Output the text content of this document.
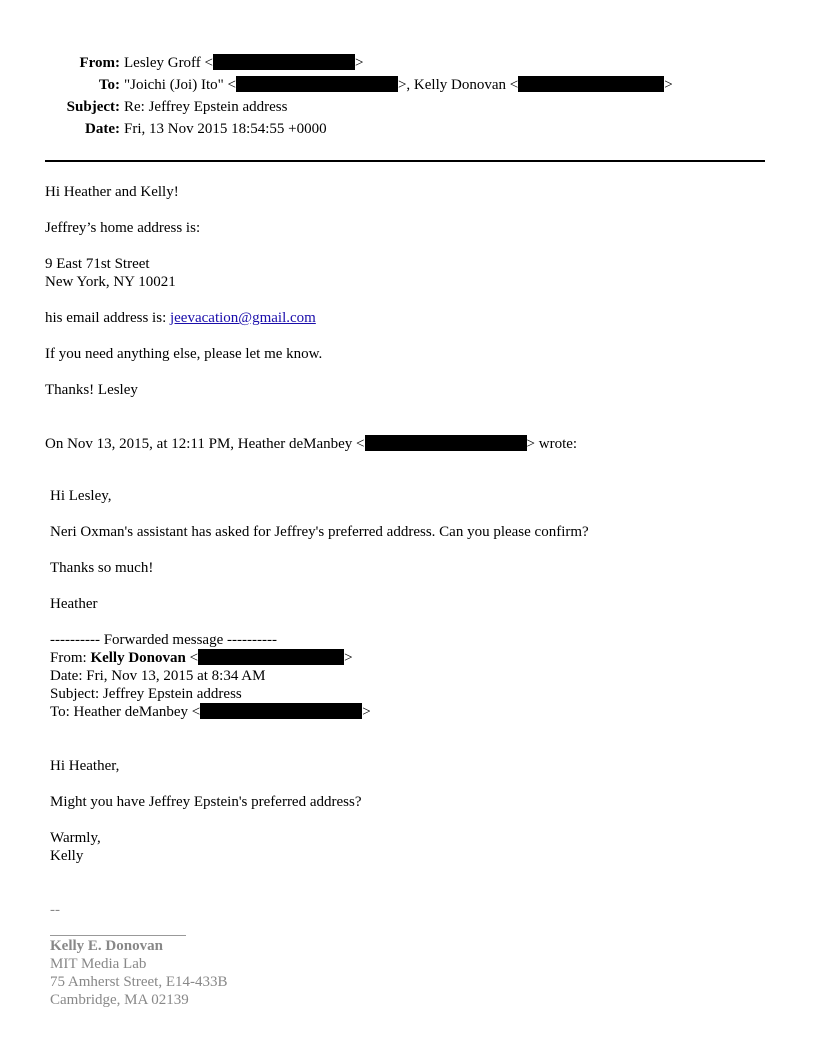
From: Lesley Groff <	>
To: "Joichi (Joi) Ito" <	>, Kelly Donovan <	>
Subject: Re: Jeffrey Epstein address
Date: Fri, 13 Nov 2015 18:54:55 +0000
Hi Heather and Kelly!
Jeffrey’s home address is:
9 East 71st Street
New York, NY 10021
his email address is: jeevacation@gmail.com
If you need anything else, please let me know.
Thanks! Lesley
On Nov 13, 2015, at 12:11 PM, Heather deManbey <	> wrote:
Hi Lesley,
Neri Oxman's assistant has asked for Jeffrey's preferred address. Can you please confirm?
Thanks so much!
Heather
---------- Forwarded message ----------
From: Kelly Donovan <	>
Date: Fri, Nov 13, 2015 at 8:34 AM
Subject: Jeffrey Epstein address
To: Heather deManbey <	>
Hi Heather,
Might you have Jeffrey Epstein's preferred address?
Warmly,
Kelly
--
Kelly E. Donovan
MIT Media Lab
75 Amherst Street, E14-433B
Cambridge, MA 02139
